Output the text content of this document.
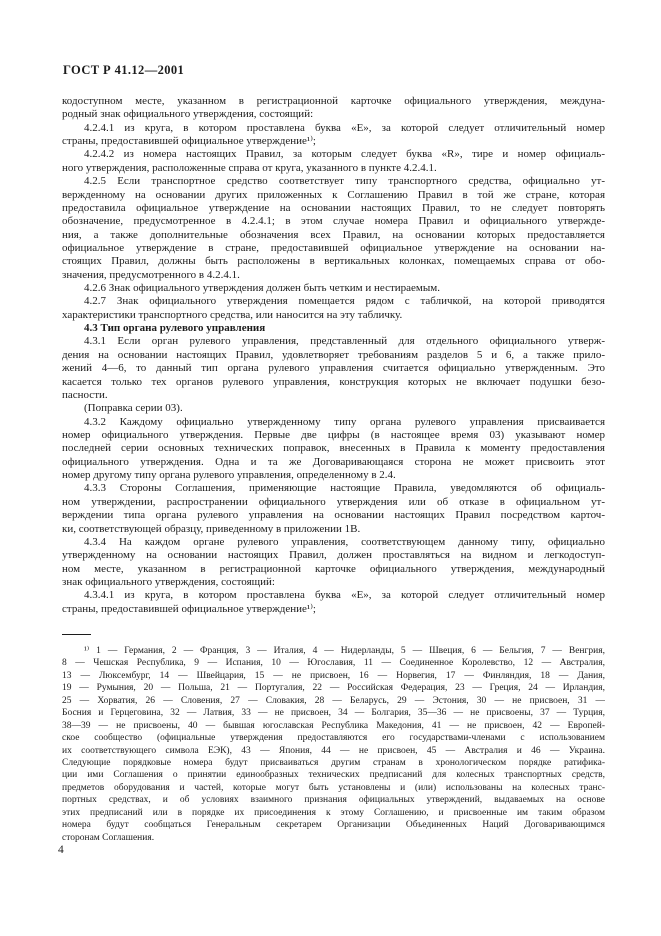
ГОСТ Р 41.12—2001
кодоступном месте, указанном в регистрационной карточке официального утверждения, междуна-
родный знак официального утверждения, состоящий:
4.2.4.1 из круга, в котором проставлена буква «Е», за которой следует отличительный номер
страны, предоставившей официальное утверждение¹⁾;
4.2.4.2 из номера настоящих Правил, за которым следует буква «R», тире и номер официаль-
ного утверждения, расположенные справа от круга, указанного в пункте 4.2.4.1.
4.2.5 Если транспортное средство соответствует типу транспортного средства, официально ут-
вержденному на основании других приложенных к Соглашению Правил в той же стране, которая
предоставила официальное утверждение на основании настоящих Правил, то не следует повторять
обозначение, предусмотренное в 4.2.4.1; в этом случае номера Правил и официального утвержде-
ния, а также дополнительные обозначения всех Правил, на основании которых предоставляется
официальное утверждение в стране, предоставившей официальное утверждение на основании на-
стоящих Правил, должны быть расположены в вертикальных колонках, помещаемых справа от обо-
значения, предусмотренного в 4.2.4.1.
4.2.6 Знак официального утверждения должен быть четким и нестираемым.
4.2.7 Знак официального утверждения помещается рядом с табличкой, на которой приводятся
характеристики транспортного средства, или наносится на эту табличку.
4.3 Тип органа рулевого управления
4.3.1 Если орган рулевого управления, представленный для отдельного официального утверж-
дения на основании настоящих Правил, удовлетворяет требованиям разделов 5 и 6, а также прило-
жений 4—6, то данный тип органа рулевого управления считается официально утвержденным. Это
касается только тех органов рулевого управления, конструкция которых не включает подушки безо-
пасности.
(Поправка серии 03).
4.3.2 Каждому официально утвержденному типу органа рулевого управления присваивается
номер официального утверждения. Первые две цифры (в настоящее время 03) указывают номер
последней серии основных технических поправок, внесенных в Правила к моменту предоставления
официального утверждения. Одна и та же Договаривающаяся сторона не может присвоить этот
номер другому типу органа рулевого управления, определенному в 2.4.
4.3.3 Стороны Соглашения, применяющие настоящие Правила, уведомляются об официаль-
ном утверждении, распространении официального утверждения или об отказе в официальном ут-
верждении типа органа рулевого управления на основании настоящих Правил посредством карточ-
ки, соответствующей образцу, приведенному в приложении 1В.
4.3.4 На каждом органе рулевого управления, соответствующем данному типу, официально
утвержденному на основании настоящих Правил, должен проставляться на видном и легкодоступ-
ном месте, указанном в регистрационной карточке официального утверждения, международный
знак официального утверждения, состоящий:
4.3.4.1 из круга, в котором проставлена буква «Е», за которой следует отличительный номер
страны, предоставившей официальное утверждение¹⁾;
¹⁾ 1 — Германия, 2 — Франция, 3 — Италия, 4 — Нидерланды, 5 — Швеция, 6 — Бельгия, 7 — Венгрия,
8 — Чешская Республика, 9 — Испания, 10 — Югославия, 11 — Соединенное Королевство, 12 — Австралия,
13 — Люксембург, 14 — Швейцария, 15 — не присвоен, 16 — Норвегия, 17 — Финляндия, 18 — Дания,
19 — Румыния, 20 — Польша, 21 — Португалия, 22 — Российская Федерация, 23 — Греция, 24 — Ирландия,
25 — Хорватия, 26 — Словения, 27 — Словакия, 28 — Беларусь, 29 — Эстония, 30 — не присвоен, 31 —
Босния и Герцеговина, 32 — Латвия, 33 — не присвоен, 34 — Болгария, 35—36 — не присвоены, 37 — Турция,
38—39 — не присвоены, 40 — бывшая югославская Республика Македония, 41 — не присвоен, 42 — Европей-
ское сообщество (официальные утверждения предоставляются его государствами-членами с использованием
их соответствующего символа ЕЭК), 43 — Япония, 44 — не присвоен, 45 — Австралия и 46 — Украина.
Следующие порядковые номера будут присваиваться другим странам в хронологическом порядке ратифика-
ции ими Соглашения о принятии единообразных технических предписаний для колесных транспортных средств,
предметов оборудования и частей, которые могут быть установлены и (или) использованы на колесных транс-
портных средствах, и об условиях взаимного признания официальных утверждений, выдаваемых на основе
этих предписаний или в порядке их присоединения к этому Соглашению, и присвоенные им таким образом
номера будут сообщаться Генеральным секретарем Организации Объединенных Наций Договаривающимся
сторонам Соглашения.
4
